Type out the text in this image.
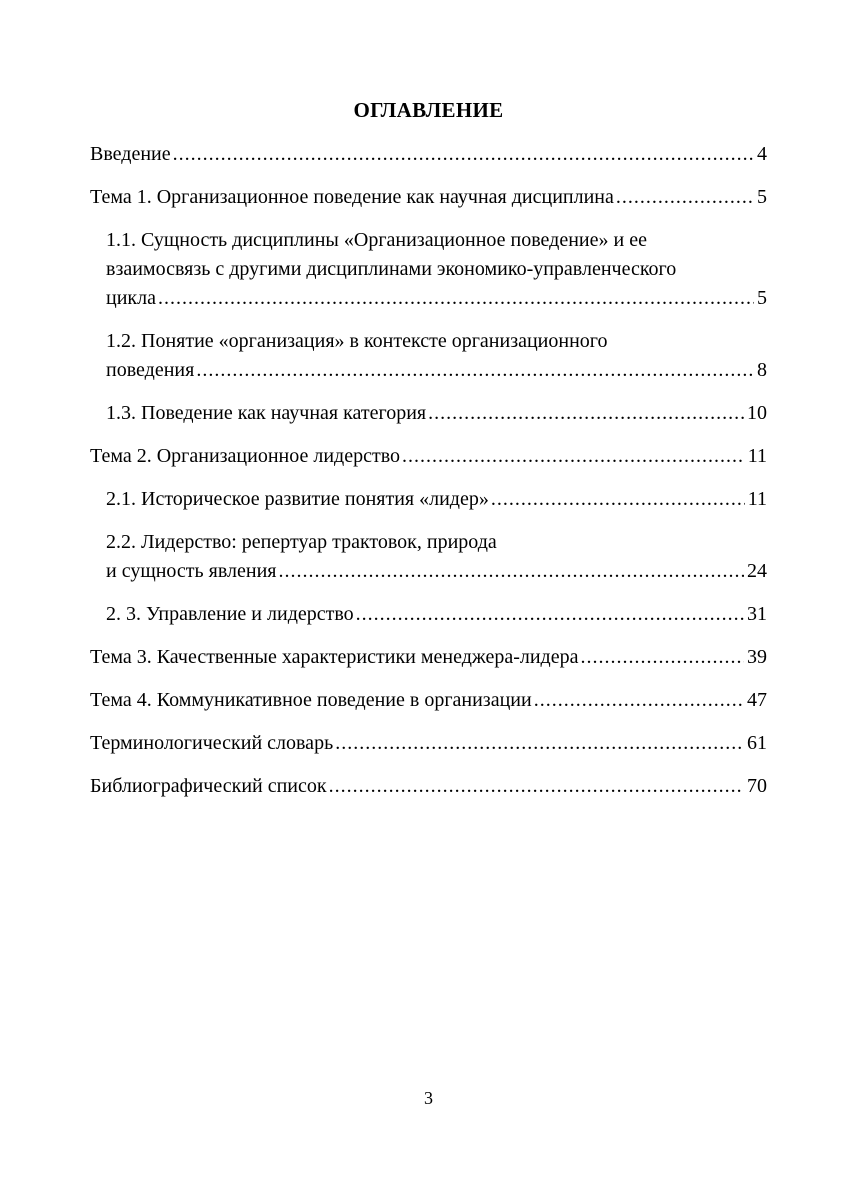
ОГЛАВЛЕНИЕ
Введение .....	4
Тема 1. Организационное поведение как научная дисциплина .....	5
1.1. Сущность дисциплины «Организационное поведение» и ее
взаимосвязь с другими дисциплинами экономико-управленческого
цикла .....	5
1.2. Понятие «организация» в контексте организационного
поведения .....	8
1.3. Поведение как научная категория .....	10
Тема 2. Организационное лидерство .....	11
2.1. Историческое развитие понятия «лидер» .....	11
2.2. Лидерство: репертуар трактовок, природа
и сущность явления .....	24
2. 3. Управление и лидерство .....	31
Тема 3. Качественные характеристики менеджера-лидера .....	39
Тема 4. Коммуникативное поведение в организации .....	47
Терминологический словарь .....	61
Библиографический список .....	70
3
